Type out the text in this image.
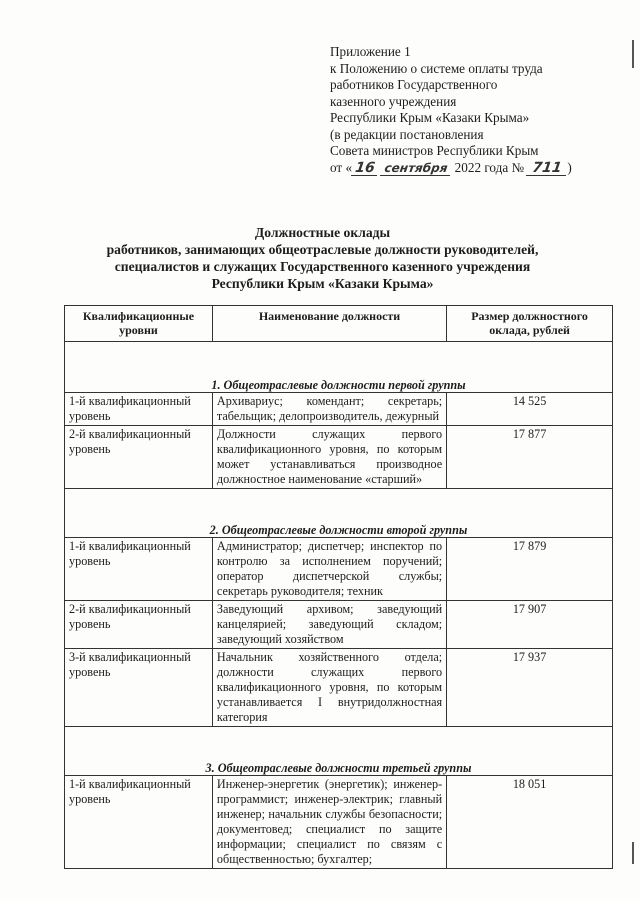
Приложение 1
к Положению о системе оплаты труда
работников Государственного
казенного учреждения
Республики Крым «Казаки Крыма»
(в редакции постановления
Совета министров Республики Крым
от « 16 сентября 2022 года № 711 )
Должностные оклады
работников, занимающих общеотраслевые должности руководителей,
специалистов и служащих Государственного казенного учреждения
Республики Крым «Казаки Крыма»
Квалификационные уровни	Наименование должности	Размер должностного оклада, рублей
1. Общеотраслевые должности первой группы		
1-й квалификационный уровень	Архивариус; комендант; секретарь; табельщик; делопроизводитель, дежурный	14 525
2-й квалификационный уровень	Должности служащих первого квалификационного уровня, по которым может устанавливаться производное должностное наименование «старший»	17 877
2. Общеотраслевые должности второй группы		
1-й квалификационный уровень	Администратор; диспетчер; инспектор по контролю за исполнением поручений; оператор диспетчерской службы; секретарь руководителя; техник	17 879
2-й квалификационный уровень	Заведующий архивом; заведующий канцелярией; заведующий складом; заведующий хозяйством	17 907
3-й квалификационный уровень	Начальник хозяйственного отдела; должности служащих первого квалификационного уровня, по которым устанавливается I внутридолжностная категория	17 937
3. Общеотраслевые должности третьей группы		
1-й квалификационный уровень	Инженер-энергетик (энергетик); инженер-программист; инженер-электрик; главный инженер; начальник службы безопасности; документовед; специалист по защите информации; специалист по связям с общественностью; бухгалтер;	18 051
